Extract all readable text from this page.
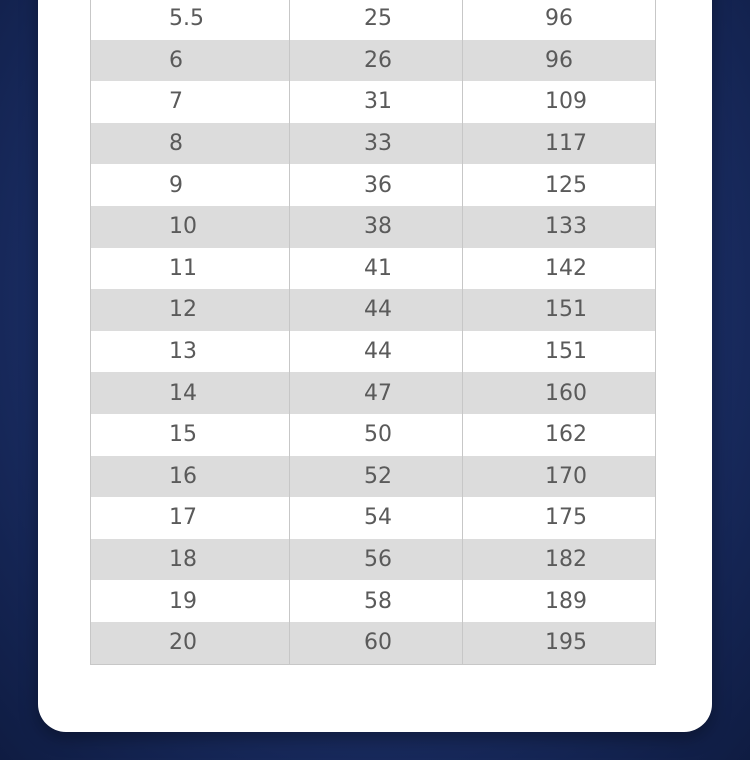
5.5	25	96
6	26	96
7	31	109
8	33	117
9	36	125
10	38	133
11	41	142
12	44	151
13	44	151
14	47	160
15	50	162
16	52	170
17	54	175
18	56	182
19	58	189
20	60	195
